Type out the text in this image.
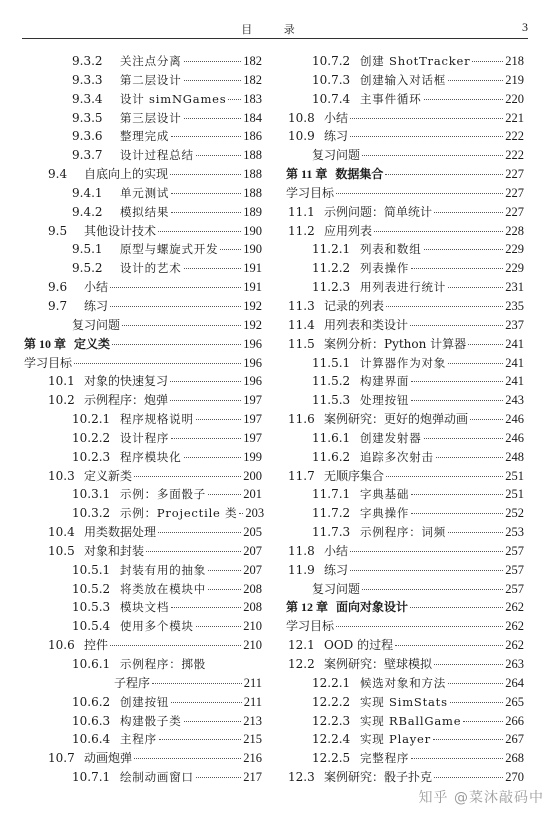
目 录	3
9.3.2	关注点分离	182
9.3.3	第二层设计	182
9.3.4	设计 simNGames 183
9.3.5	第三层设计	184
9.3.6	整理完成	186
9.3.7	设计过程总结	188
9.4	自底向上的实现	188
9.4.1	单元测试	188
9.4.2	模拟结果	189
9.5	其他设计技术	190
9.5.1	原型与螺旋式开发 190
9.5.2	设计的艺术	191
9.6	小结	191
9.7	练习	192
复习问题	192
第 10 章 定义类	196
学习目标	196
10.1 对象的快速复习	196
10.2 示例程序：炮弹	197
10.2.1 程序规格说明	197
10.2.2 设计程序	197
10.2.3 程序模块化	199
10.3 定义新类	200
10.3.1 示例：多面骰子	201
10.3.2 示例：Projectile 类 203
10.4 用类数据处理	205
10.5 对象和封装	207
10.5.1 封装有用的抽象	207
10.5.2 将类放在模块中	208
10.5.3 模块文档	208
10.5.4 使用多个模块	210
10.6 控件	210
10.6.1 示例程序：掷骰
子程序	211
10.6.2 创建按钮	211
10.6.3 构建骰子类	213
10.6.4 主程序	215
10.7 动画炮弹	216
10.7.1 绘制动画窗口	217
10.7.2 创建 ShotTracker	218
10.7.3 创建输入对话框	219
10.7.4 主事件循环	220
10.8 小结	221
10.9 练习	222
复习问题	222
第 11 章 数据集合	227
学习目标	227
11.1 示例问题：简单统计	227
11.2 应用列表	228
11.2.1 列表和数组	229
11.2.2 列表操作	229
11.2.3 用列表进行统计	231
11.3 记录的列表	235
11.4 用列表和类设计	237
11.5 案例分析：Python 计算器	241
11.5.1 计算器作为对象	241
11.5.2 构建界面	241
11.5.3 处理按钮	243
11.6 案例研究：更好的炮弹动画	246
11.6.1 创建发射器	246
11.6.2 追踪多次射击	248
11.7 无顺序集合	251
11.7.1 字典基础	251
11.7.2 字典操作	252
11.7.3 示例程序：词频	253
11.8 小结	257
11.9 练习	257
复习问题	257
第 12 章 面向对象设计	262
学习目标	262
12.1 OOD 的过程	262
12.2 案例研究：壁球模拟	263
12.2.1 候选对象和方法	264
12.2.2 实现 SimStats	265
12.2.3 实现 RBallGame	266
12.2.4 实现 Player	267
12.2.5 完整程序	268
12.3 案例研究：骰子扑克	270
知乎 @菜沐敲码中
